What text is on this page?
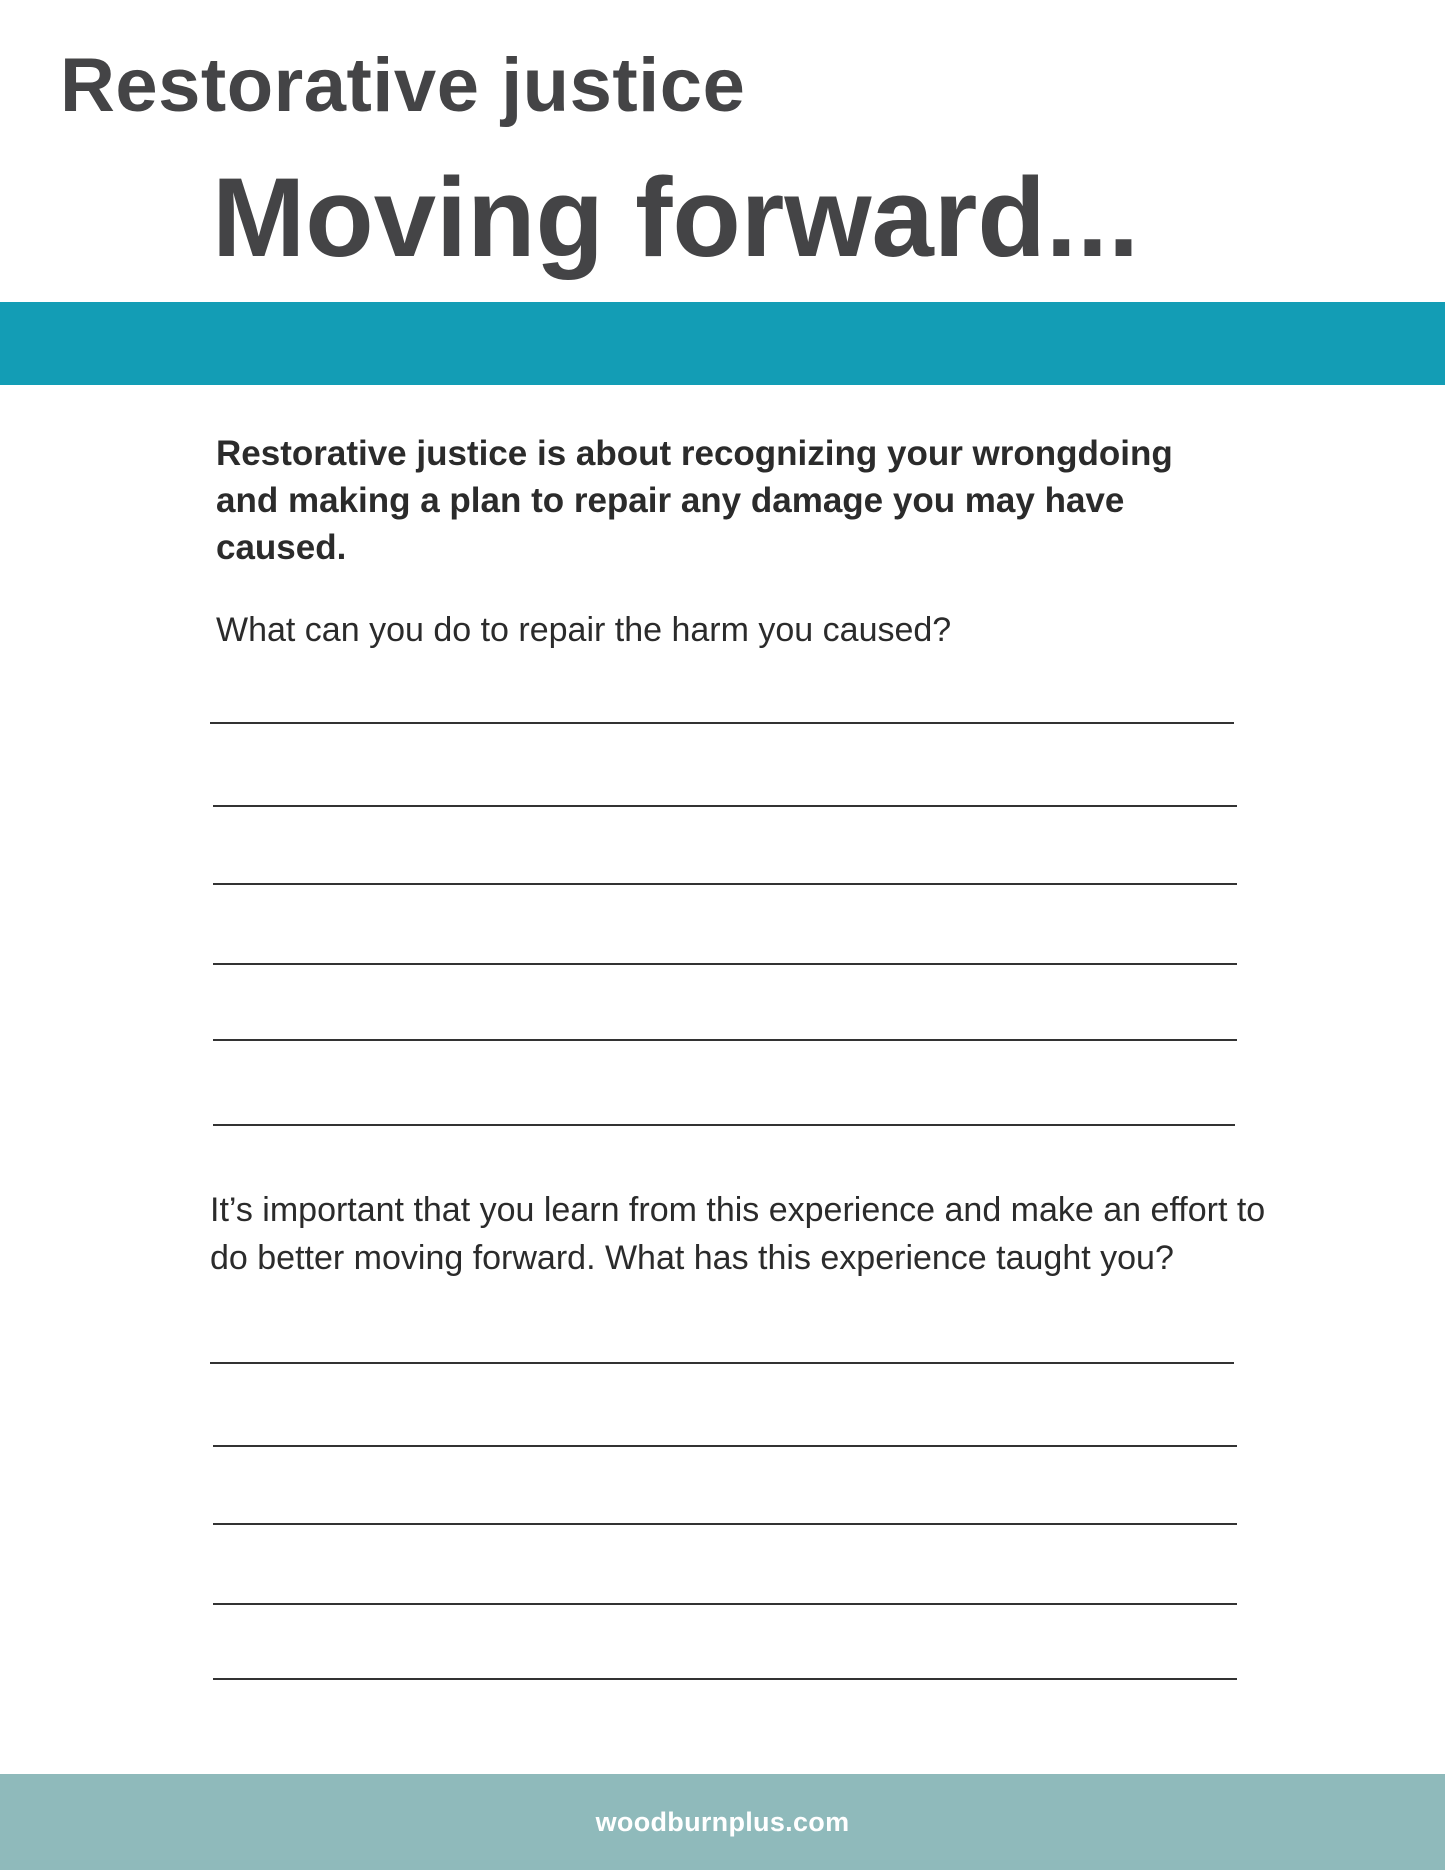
Restorative justice
Moving forward...
Restorative justice is about recognizing your wrongdoing and making a plan to repair any damage you may have caused.
What can you do to repair the harm you caused?
It’s important that you learn from this experience and make an effort to do better moving forward. What has this experience taught you?
woodburnplus.com
